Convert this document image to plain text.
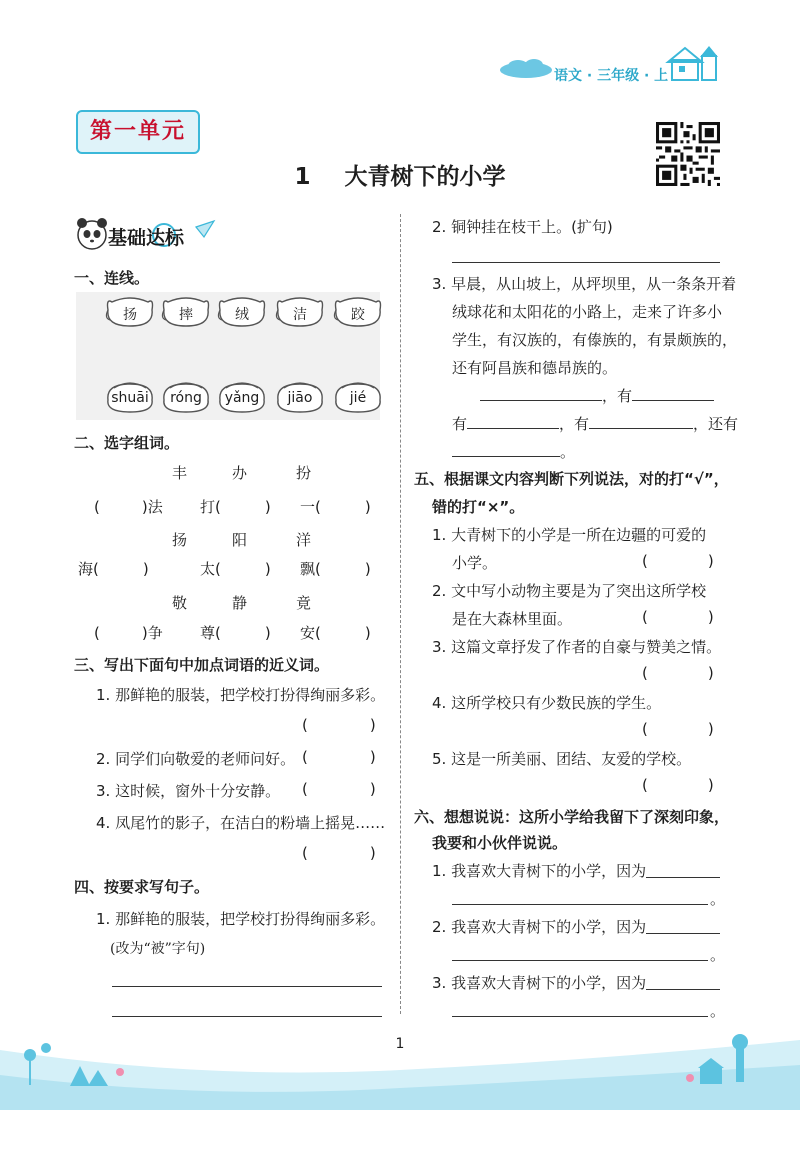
语文 · 三年级 · 上
第一单元
1 大青树下的小学
基础达标
一、连线。
扬	摔	绒	洁	跤
shuāi	róng	yǎng	jiāo	jié
二、选字组词。
丰	办	扮
(	)法 打(	) 一(	)
扬	阳	洋
海(	)	太(	) 飘(	)
敬	静	竟
(	)争 尊(	) 安(	)
三、写出下面句中加点词语的近义词。
1. 那鲜艳的服装，把学校打扮得绚丽多彩。
(	)
2. 同学们向敬爱的老师问好。 (	)
3. 这时候，窗外十分安静。 (	)
4. 凤尾竹的影子，在洁白的粉墙上摇晃……
(	)
四、按要求写句子。
1. 那鲜艳的服装，把学校打扮得绚丽多彩。
(改为“被”字句)
2. 铜钟挂在枝干上。(扩句)
3. 早晨，从山坡上，从坪坝里，从一条条开着
绒球花和太阳花的小路上，走来了许多小
学生，有汉族的，有傣族的，有景颇族的，
还有阿昌族和德昂族的。
，有
有	，有	，还有
。
五、根据课文内容判断下列说法，对的打“√”，
错的打“×”。
1. 大青树下的小学是一所在边疆的可爱的
小学。	(	)
2. 文中写小动物主要是为了突出这所学校
是在大森林里面。	(	)
3. 这篇文章抒发了作者的自豪与赞美之情。
(	)
4. 这所学校只有少数民族的学生。
(	)
5. 这是一所美丽、团结、友爱的学校。
(	)
六、想想说说：这所小学给我留下了深刻印象，
我要和小伙伴说说。
1. 我喜欢大青树下的小学，因为
。
2. 我喜欢大青树下的小学，因为
。
3. 我喜欢大青树下的小学，因为
。
1
